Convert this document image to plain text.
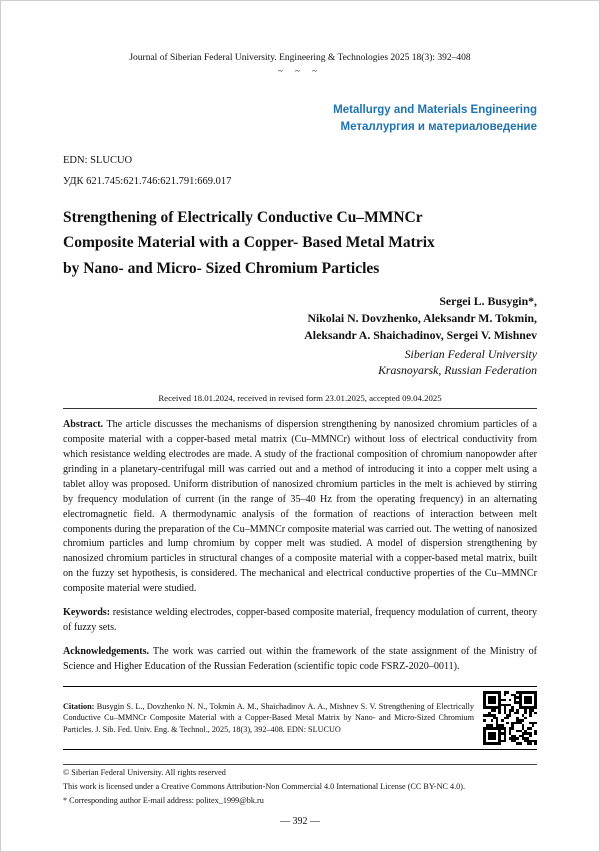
Journal of Siberian Federal University. Engineering & Technologies 2025 18(3): 392–408
~ ~ ~
Metallurgy and Materials Engineering
Металлургия и материаловедение
EDN: SLUCUO
УДК 621.745:621.746:621.791:669.017
Strengthening of Electrically Conductive Cu–MMNCr
Composite Material with a Copper- Based Metal Matrix
by Nano- and Micro- Sized Chromium Particles
Sergei L. Busygin*,
Nikolai N. Dovzhenko, Aleksandr M. Tokmin,
Aleksandr A. Shaichadinov, Sergei V. Mishnev
Siberian Federal University
Krasnoyarsk, Russian Federation
Received 18.01.2024, received in revised form 23.01.2025, accepted 09.04.2025

Abstract. The article discusses the mechanisms of dispersion strengthening by nanosized chromium particles of a composite material with a copper-based metal matrix (Cu–MMNCr) without loss of electrical conductivity from which resistance welding electrodes are made. A study of the fractional composition of chromium nanopowder after grinding in a planetary-centrifugal mill was carried out and a method of introducing it into a copper melt using a tablet alloy was proposed. Uniform distribution of nanosized chromium particles in the melt is achieved by stirring by frequency modulation of current (in the range of 35–40 Hz from the operating frequency) in an alternating electromagnetic field. A thermodynamic analysis of the formation of reactions of interaction between melt components during the preparation of the Cu–MMNCr composite material was carried out. The wetting of nanosized chromium particles and lump chromium by copper melt was studied. A model of dispersion strengthening by nanosized chromium particles in structural changes of a composite material with a copper-based metal matrix, built on the fuzzy set hypothesis, is considered. The mechanical and electrical conductive properties of the Cu–MMNCr composite material were studied.

Keywords: resistance welding electrodes, copper-based composite material, frequency modulation of current, theory of fuzzy sets.

Acknowledgements. The work was carried out within the framework of the state assignment of the Ministry of Science and Higher Education of the Russian Federation (scientific topic code FSRZ-2020–0011).

Citation: Busygin S. L., Dovzhenko N. N., Tokmin A. M., Shaichadinov A. A., Mishnev S. V. Strengthening of Electrically Conductive Cu–MMNCr Composite Material with a Copper-Based Metal Matrix by Nano- and Micro-Sized Chromium Particles. J. Sib. Fed. Univ. Eng. & Technol., 2025, 18(3), 392–408. EDN: SLUCUO
© Siberian Federal University. All rights reserved
This work is licensed under a Creative Commons Attribution-Non Commercial 4.0 International License (CC BY-NC 4.0).
* Corresponding author E-mail address: politex_1999@bk.ru
— 392 —
